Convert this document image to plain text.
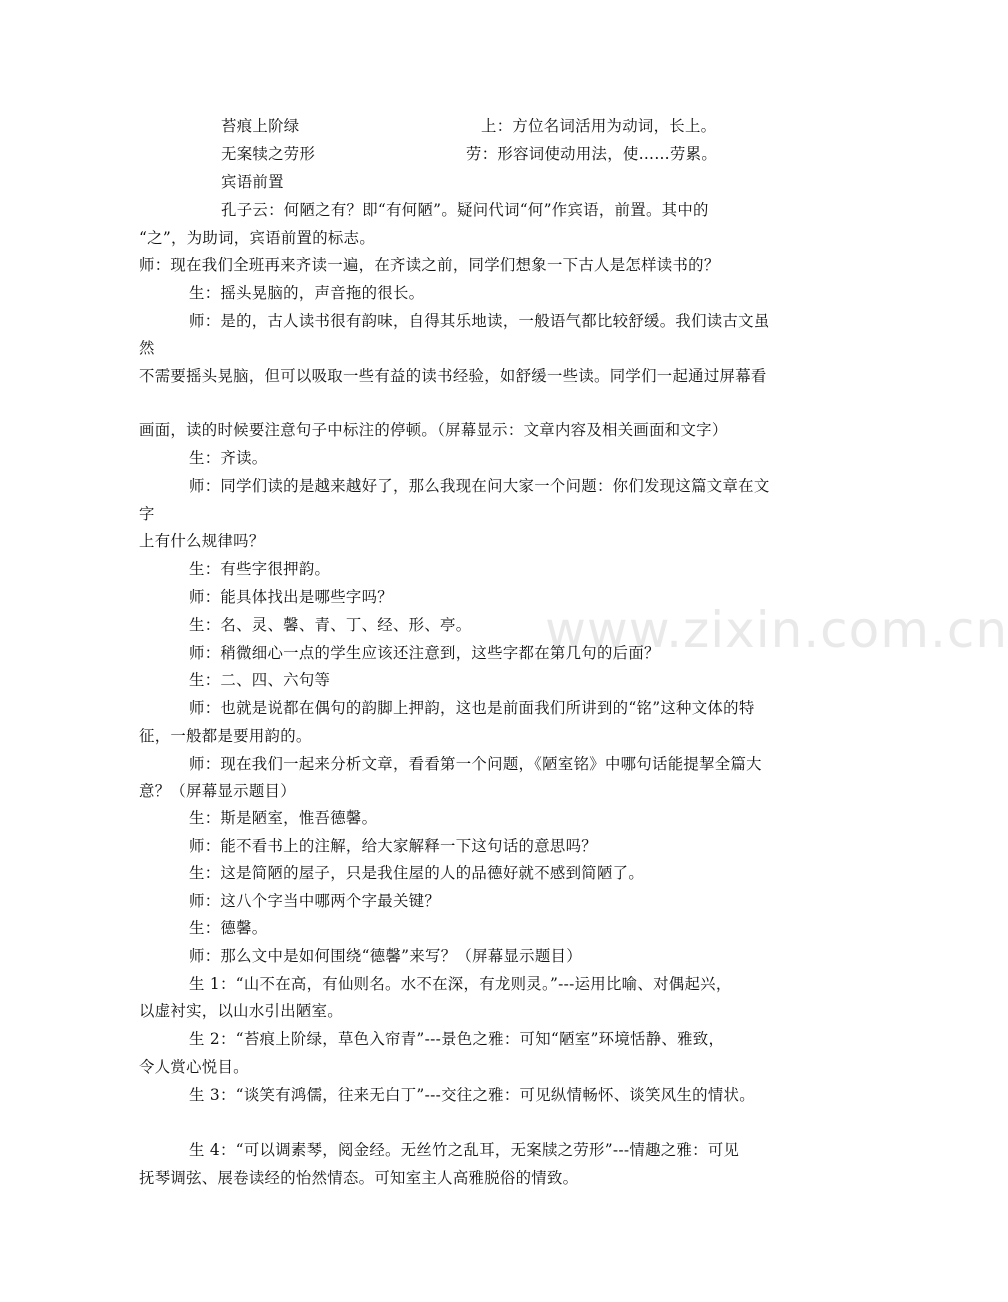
www.zixin.com.cn

苔痕上阶绿	上：方位名词活用为动词，长上。

无案犊之劳形	劳：形容词使动用法，使……劳累。

宾语前置

孔子云：何陋之有？即“有何陋”。疑问代词“何”作宾语，前置。其中的

“之”，为助词，宾语前置的标志。

师：现在我们全班再来齐读一遍，在齐读之前，同学们想象一下古人是怎样读书的？

生：摇头晃脑的，声音拖的很长。

师：是的，古人读书很有韵味，自得其乐地读，一般语气都比较舒缓。我们读古文虽

然

不需要摇头晃脑，但可以吸取一些有益的读书经验，如舒缓一些读。同学们一起通过屏幕看

画面，读的时候要注意句子中标注的停顿。（屏幕显示：文章内容及相关画面和文字）

生：齐读。

师：同学们读的是越来越好了，那么我现在问大家一个问题：你们发现这篇文章在文

字

上有什么规律吗？

生：有些字很押韵。

师：能具体找出是哪些字吗？

生：名、灵、馨、青、丁、经、形、亭。

师：稍微细心一点的学生应该还注意到，这些字都在第几句的后面？

生：二、四、六句等

师：也就是说都在偶句的韵脚上押韵，这也是前面我们所讲到的“铭”这种文体的特

征，一般都是要用韵的。

师：现在我们一起来分析文章，看看第一个问题，《陋室铭》中哪句话能提挈全篇大

意？（屏幕显示题目）

生：斯是陋室，惟吾德馨。

师：能不看书上的注解，给大家解释一下这句话的意思吗？

生：这是简陋的屋子，只是我住屋的人的品德好就不感到简陋了。

师：这八个字当中哪两个字最关键？

生：德馨。

师：那么文中是如何围绕“德馨”来写？（屏幕显示题目）

生 1：“山不在高，有仙则名。水不在深，有龙则灵。”---运用比喻、对偶起兴，

以虚衬实，以山水引出陋室。

生 2：“苔痕上阶绿，草色入帘青”---景色之雅：可知“陋室”环境恬静、雅致，

令人赏心悦目。

生 3：“谈笑有鸿儒，往来无白丁”---交往之雅：可见纵情畅怀、谈笑风生的情状。

生 4：“可以调素琴，阅金经。无丝竹之乱耳，无案牍之劳形”---情趣之雅：可见

抚琴调弦、展卷读经的怡然情态。可知室主人高雅脱俗的情致。
